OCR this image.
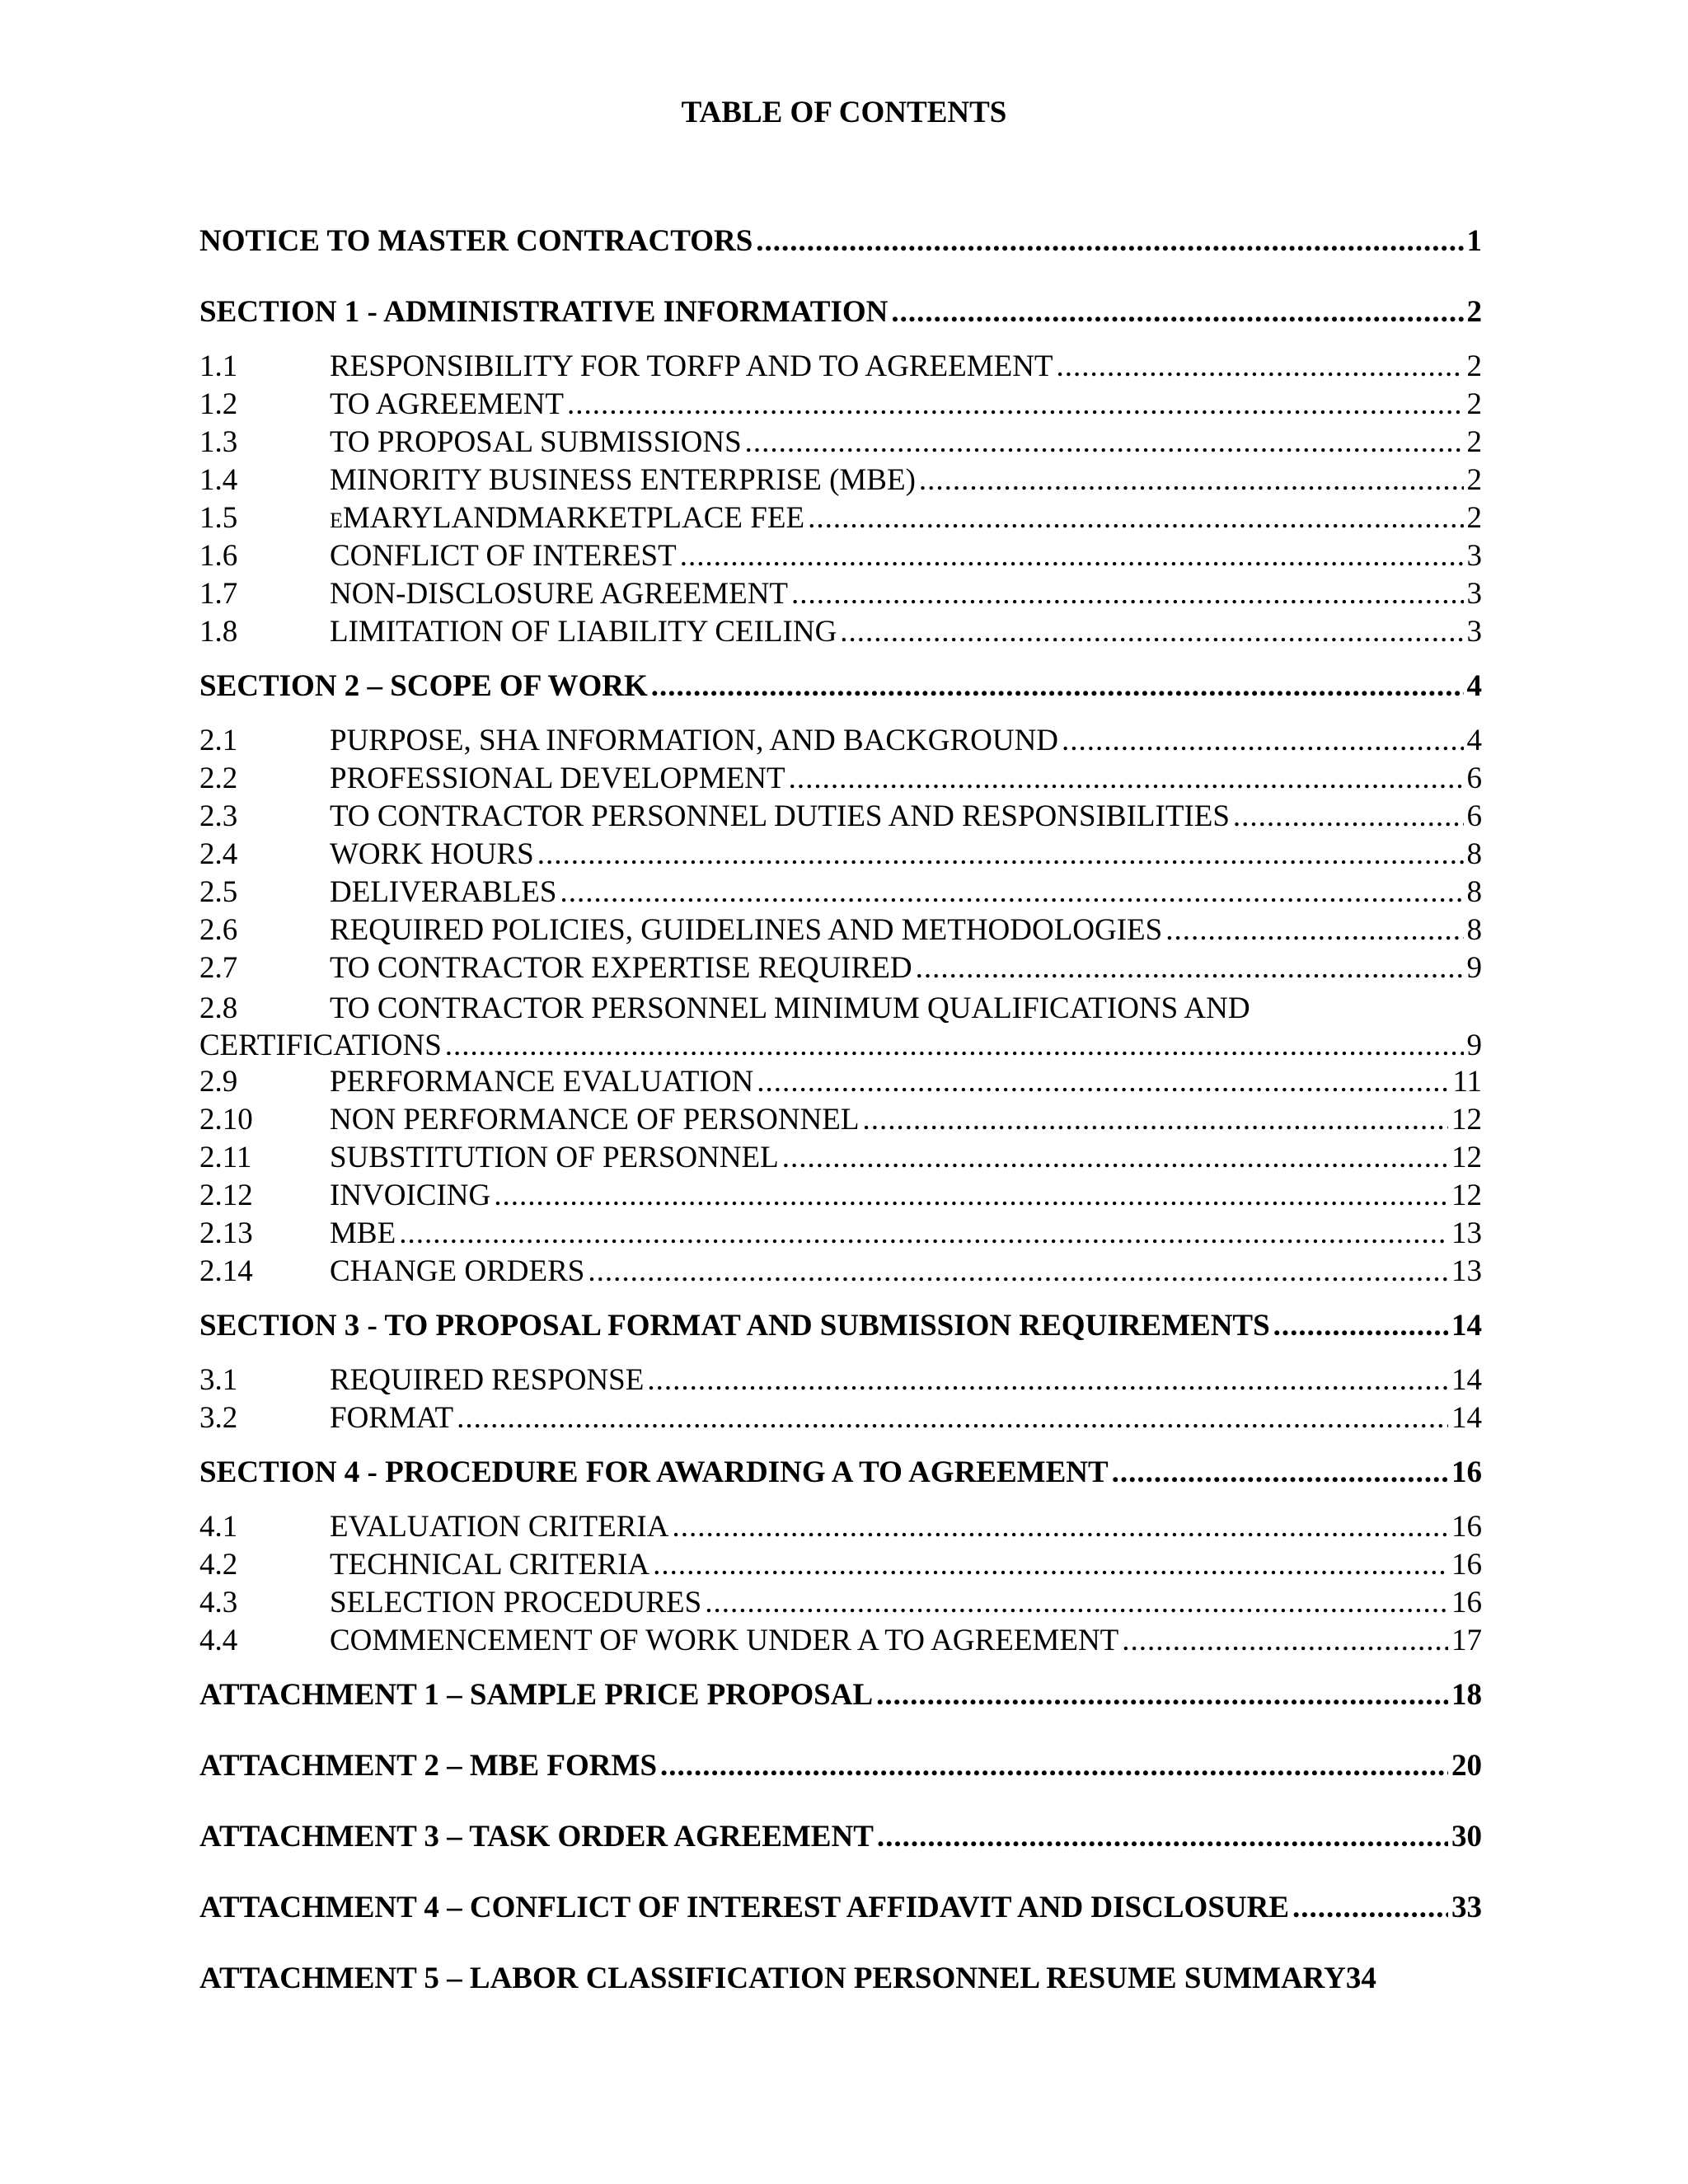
TABLE OF CONTENTS
NOTICE TO MASTER CONTRACTORS .....	1
SECTION 1 - ADMINISTRATIVE INFORMATION .....	2
1.1	RESPONSIBILITY FOR TORFP AND TO AGREEMENT .....	2
1.2	TO AGREEMENT .....	2
1.3	TO PROPOSAL SUBMISSIONS .....	2
1.4	MINORITY BUSINESS ENTERPRISE (MBE) .....	2
1.5	EMARYLANDMARKETPLACE FEE .....	2
1.6	CONFLICT OF INTEREST .....	3
1.7	NON-DISCLOSURE AGREEMENT .....	3
1.8	LIMITATION OF LIABILITY CEILING .....	3
SECTION 2 – SCOPE OF WORK .....	4
2.1	PURPOSE, SHA INFORMATION, AND BACKGROUND .....	4
2.2	PROFESSIONAL DEVELOPMENT .....	6
2.3	TO CONTRACTOR PERSONNEL DUTIES AND RESPONSIBILITIES .....	6
2.4	WORK HOURS .....	8
2.5	DELIVERABLES .....	8
2.6	REQUIRED POLICIES, GUIDELINES AND METHODOLOGIES .....	8
2.7	TO CONTRACTOR EXPERTISE REQUIRED .....	9
2.8	TO CONTRACTOR PERSONNEL MINIMUM QUALIFICATIONS AND
CERTIFICATIONS .....	9
2.9	PERFORMANCE EVALUATION .....	11
2.10	NON PERFORMANCE OF PERSONNEL .....	12
2.11	SUBSTITUTION OF PERSONNEL .....	12
2.12	INVOICING .....	12
2.13	MBE .....	13
2.14	CHANGE ORDERS .....	13
SECTION 3 - TO PROPOSAL FORMAT AND SUBMISSION REQUIREMENTS .....	14
3.1	REQUIRED RESPONSE .....	14
3.2	FORMAT .....	14
SECTION 4 - PROCEDURE FOR AWARDING A TO AGREEMENT .....	16
4.1	EVALUATION CRITERIA .....	16
4.2	TECHNICAL CRITERIA .....	16
4.3	SELECTION PROCEDURES .....	16
4.4	COMMENCEMENT OF WORK UNDER A TO AGREEMENT .....	17
ATTACHMENT 1 – SAMPLE PRICE PROPOSAL .....	18
ATTACHMENT 2 – MBE FORMS .....	20
ATTACHMENT 3 – TASK ORDER AGREEMENT .....	30
ATTACHMENT 4 – CONFLICT OF INTEREST AFFIDAVIT AND DISCLOSURE .....	33
ATTACHMENT 5 – LABOR CLASSIFICATION PERSONNEL RESUME SUMMARY 34
